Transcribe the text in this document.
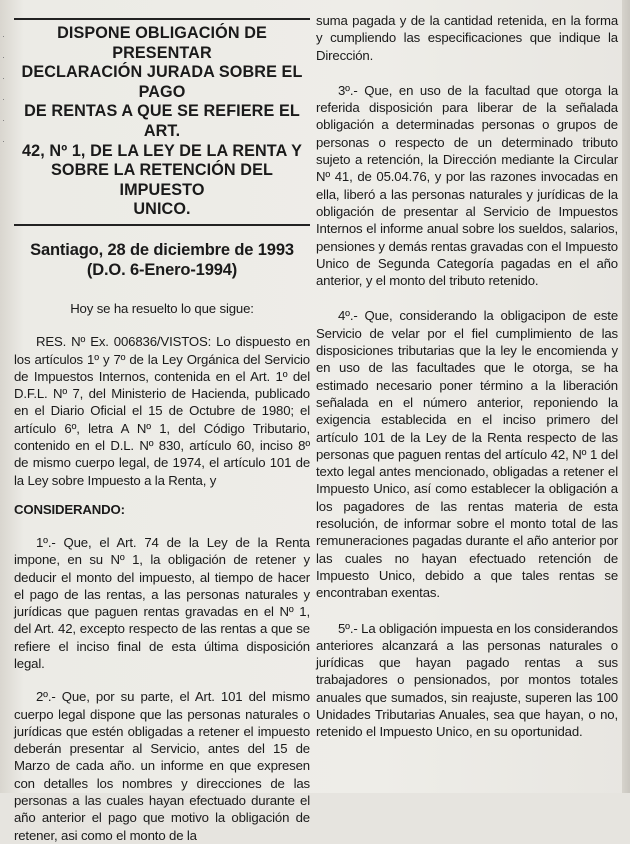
·
·
·
·
·
·
DISPONE OBLIGACIÓN DE PRESENTAR
DECLARACIÓN JURADA SOBRE EL PAGO
DE RENTAS A QUE SE REFIERE EL ART.
42, Nº 1, DE LA LEY DE LA RENTA Y
SOBRE LA RETENCIÓN DEL IMPUESTO
UNICO.

Santiago, 28 de diciembre de 1993

(D.O. 6-Enero-1994)

Hoy se ha resuelto lo que sigue:

RES. Nº Ex. 006836/VISTOS: Lo dispuesto en los artículos 1º y 7º de la Ley Orgánica del Servicio de Impuestos Internos, contenida en el Art. 1º del D.F.L. Nº 7, del Ministerio de Hacienda, publicado en el Diario Oficial el 15 de Octubre de 1980; el artículo 6º, letra A Nº 1, del Código Tributario, contenido en el D.L. Nº 830, artículo 60, inciso 8º de mismo cuerpo legal, de 1974, el artículo 101 de la Ley sobre Impuesto a la Renta, y

CONSIDERANDO:

1º.- Que, el Art. 74 de la Ley de la Renta impone, en su Nº 1, la obligación de retener y deducir el monto del impuesto, al tiempo de hacer el pago de las rentas, a las personas naturales y jurídicas que paguen rentas gravadas en el Nº 1, del Art. 42, excepto respecto de las rentas a que se refiere el inciso final de esta última disposición legal.

2º.- Que, por su parte, el Art. 101 del mismo cuerpo legal dispone que las personas naturales o jurídicas que estén obligadas a retener el impuesto deberán presentar al Servicio, antes del 15 de Marzo de cada año. un informe en que expresen con detalles los nombres y direcciones de las personas a las cuales hayan efectuado durante el año anterior el pago que motivo la obligación de retener, asi como el monto de la

suma pagada y de la cantidad retenida, en la forma y cumpliendo las especificaciones que indique la Dirección.

3º.- Que, en uso de la facultad que otorga la referida disposición para liberar de la señalada obligación a determinadas personas o grupos de personas o respecto de un determinado tributo sujeto a retención, la Dirección mediante la Circular Nº 41, de 05.04.76, y por las razones invocadas en ella, liberó a las personas naturales y jurídicas de la obligación de presentar al Servicio de Impuestos Internos el informe anual sobre los sueldos, salarios, pensiones y demás rentas gravadas con el Impuesto Unico de Segunda Categoría pagadas en el año anterior, y el monto del tributo retenido.

4º.- Que, considerando la obligacipon de este Servicio de velar por el fiel cumplimiento de las disposiciones tributarias que la ley le encomienda y en uso de las facultades que le otorga, se ha estimado necesario poner término a la liberación señalada en el número anterior, reponiendo la exigencia establecida en el inciso primero del artículo 101 de la Ley de la Renta respecto de las personas que paguen rentas del artículo 42, Nº 1 del texto legal antes mencionado, obligadas a retener el Impuesto Unico, así como establecer la obligación a los pagadores de las rentas materia de esta resolución, de informar sobre el monto total de las remuneraciones pagadas durante el año anterior por las cuales no hayan efectuado retención de Impuesto Unico, debido a que tales rentas se encontraban exentas.

5º.- La obligación impuesta en los considerandos anteriores alcanzará a las personas naturales o jurídicas que hayan pagado rentas a sus trabajadores o pensionados, por montos totales anuales que sumados, sin reajuste, superen las 100 Unidades Tributarias Anuales, sea que hayan, o no, retenido el Impuesto Unico, en su oportunidad.
